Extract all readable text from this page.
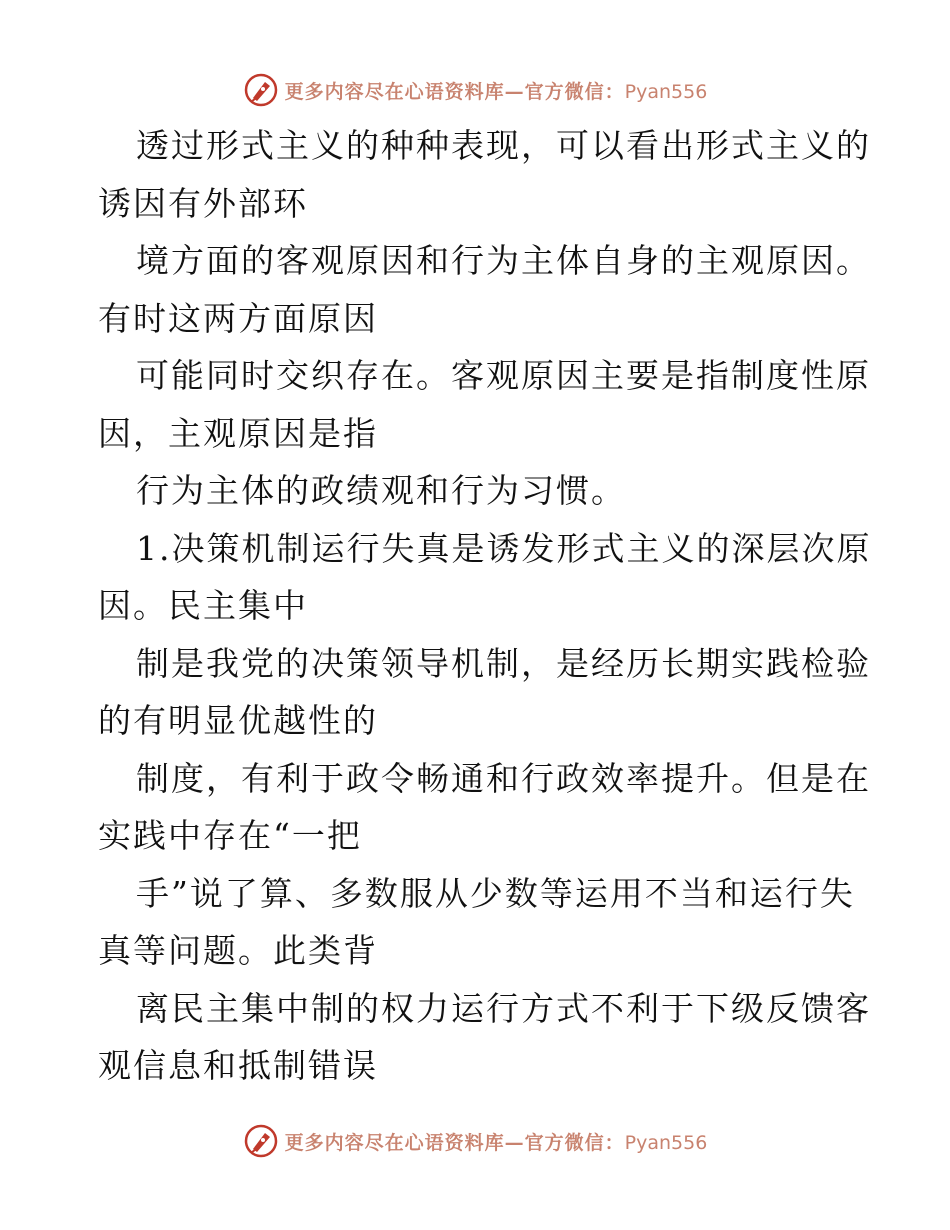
更多内容尽在心语资料库—官方微信：Pyan556
透过形式主义的种种表现，可以看出形式主义的
诱因有外部环
境方面的客观原因和行为主体自身的主观原因。
有时这两方面原因
可能同时交织存在。客观原因主要是指制度性原
因，主观原因是指
行为主体的政绩观和行为习惯。
1.决策机制运行失真是诱发形式主义的深层次原
因。民主集中
制是我党的决策领导机制，是经历长期实践检验
的有明显优越性的
制度，有利于政令畅通和行政效率提升。但是在
实践中存在“一把
手”说了算、多数服从少数等运用不当和运行失
真等问题。此类背
离民主集中制的权力运行方式不利于下级反馈客
观信息和抵制错误
更多内容尽在心语资料库—官方微信：Pyan556
